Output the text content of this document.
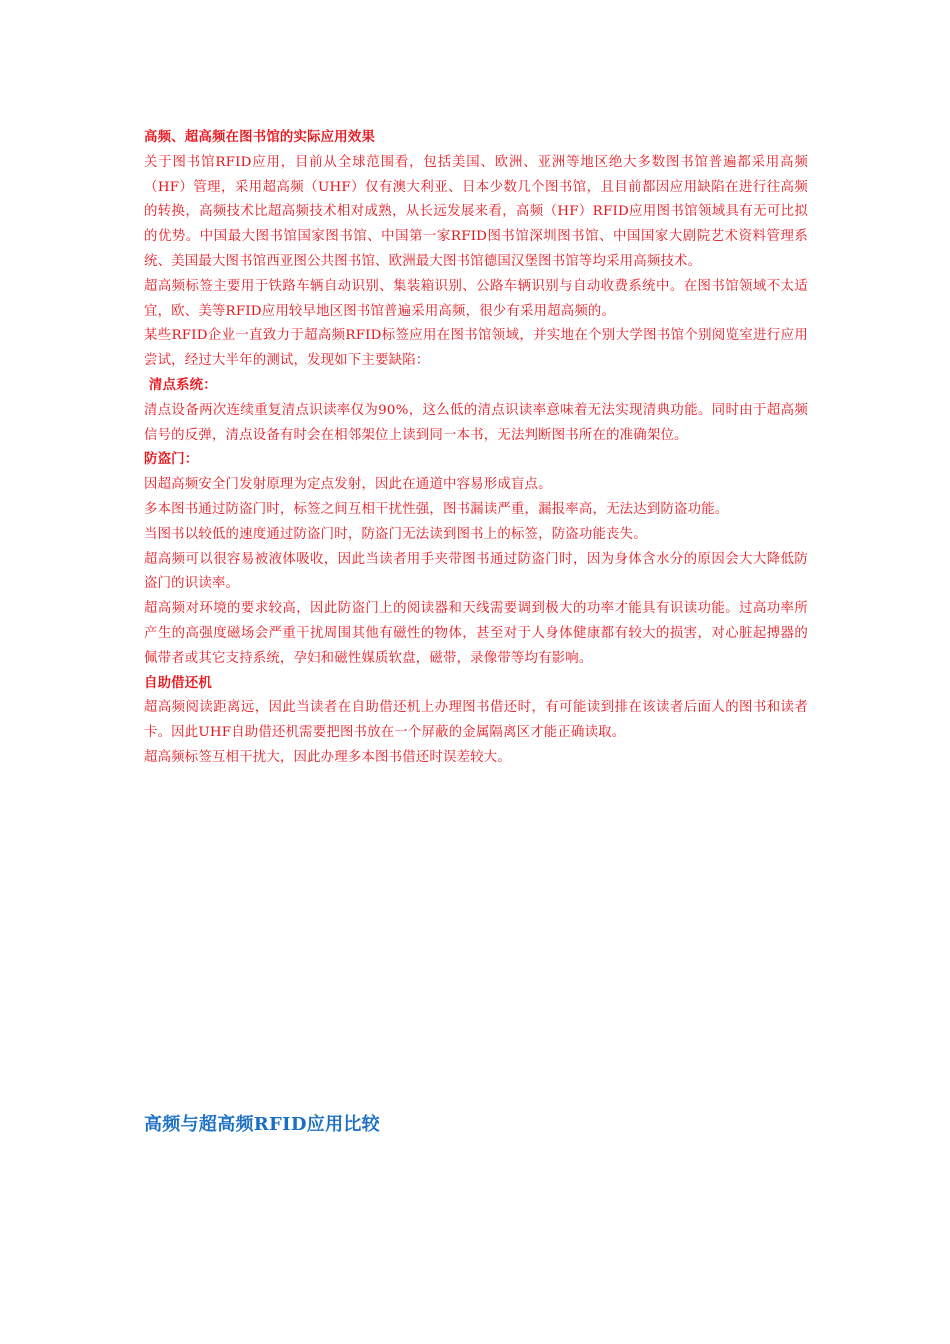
高频、超高频在图书馆的实际应用效果

关于图书馆RFID应用，目前从全球范围看，包括美国、欧洲、亚洲等地区绝大多数图书馆普遍都采用高频（HF）管理，采用超高频（UHF）仅有澳大利亚、日本少数几个图书馆，且目前都因应用缺陷在进行往高频的转换，高频技术比超高频技术相对成熟，从长远发展来看，高频（HF）RFID应用图书馆领域具有无可比拟的优势。中国最大图书馆国家图书馆、中国第一家RFID图书馆深圳图书馆、中国国家大剧院艺术资料管理系统、美国最大图书馆西亚图公共图书馆、欧洲最大图书馆德国汉堡图书馆等均采用高频技术。

超高频标签主要用于铁路车辆自动识别、集装箱识别、公路车辆识别与自动收费系统中。在图书馆领域不太适宜，欧、美等RFID应用较早地区图书馆普遍采用高频，很少有采用超高频的。

某些RFID企业一直致力于超高频RFID标签应用在图书馆领域，并实地在个别大学图书馆个别阅览室进行应用尝试，经过大半年的测试，发现如下主要缺陷：

清点系统：

清点设备两次连续重复清点识读率仅为90%，这么低的清点识读率意味着无法实现清典功能。同时由于超高频信号的反弹，清点设备有时会在相邻架位上读到同一本书，无法判断图书所在的准确架位。

防盗门：

因超高频安全门发射原理为定点发射，因此在通道中容易形成盲点。

多本图书通过防盗门时，标签之间互相干扰性强，图书漏读严重，漏报率高，无法达到防盗功能。

当图书以较低的速度通过防盗门时，防盗门无法读到图书上的标签，防盗功能丧失。

超高频可以很容易被液体吸收，因此当读者用手夹带图书通过防盗门时，因为身体含水分的原因会大大降低防盗门的识读率。

超高频对环境的要求较高，因此防盗门上的阅读器和天线需要调到极大的功率才能具有识读功能。过高功率所产生的高强度磁场会严重干扰周围其他有磁性的物体，甚至对于人身体健康都有较大的损害，对心脏起搏器的佩带者或其它支持系统，孕妇和磁性媒质软盘，磁带，录像带等均有影响。

自助借还机

超高频阅读距离远，因此当读者在自助借还机上办理图书借还时，有可能读到排在该读者后面人的图书和读者卡。因此UHF自助借还机需要把图书放在一个屏蔽的金属隔离区才能正确读取。

超高频标签互相干扰大，因此办理多本图书借还时误差较大。

高频与超高频RFID应用比较
